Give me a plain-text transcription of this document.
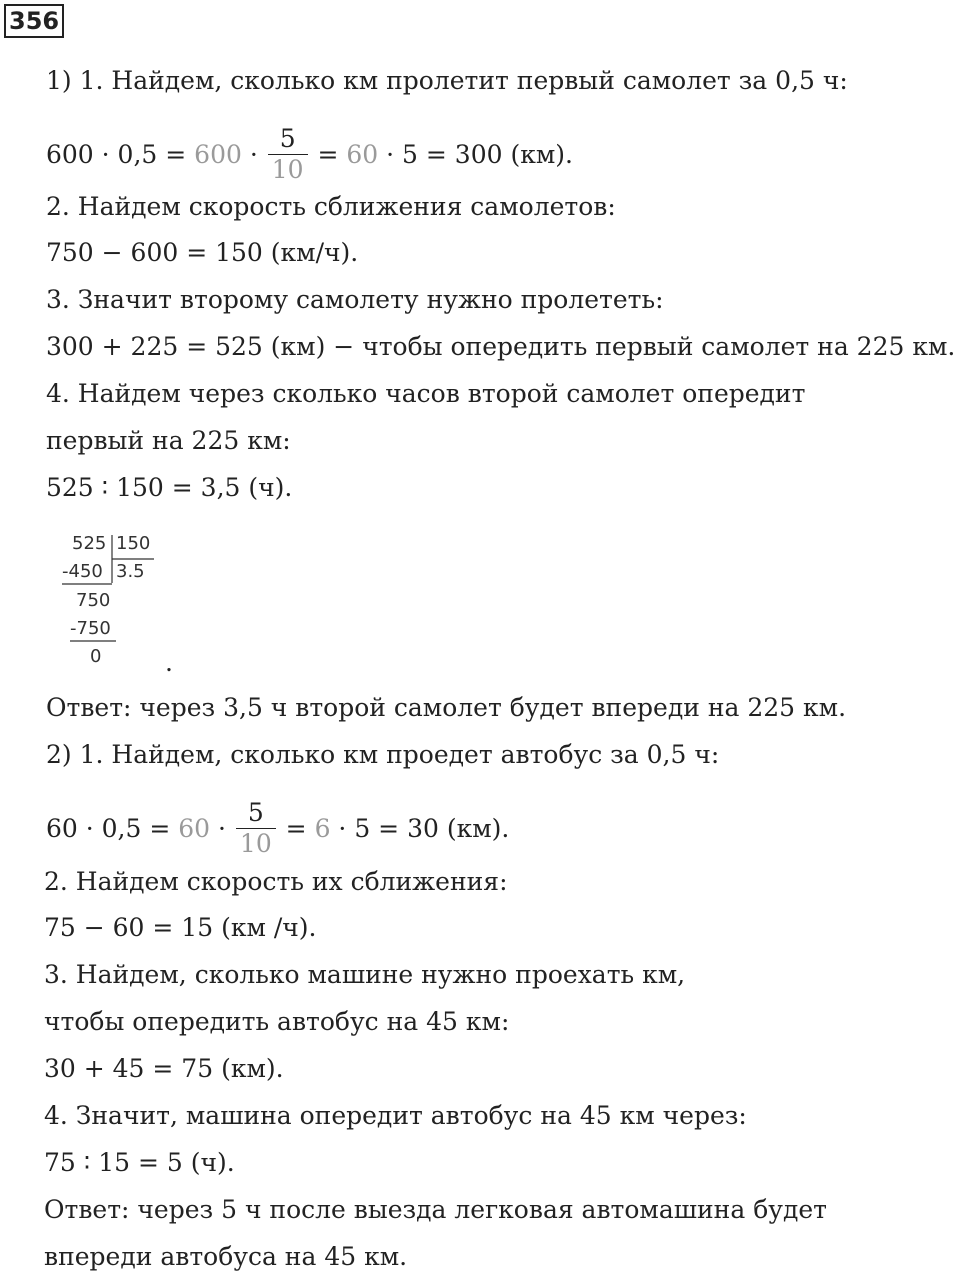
356
1) 1. Найдем, сколько км пролетит первый самолет за 0,5 ч:
$600 \cdot 0,5 = 600 \cdot \frac{5}{10} = 60 \cdot 5 = 300$ (км).
2. Найдем скорость сближения самолетов:
750 − 600 = 150 (км/ч).
3. Значит второму самолету нужно пролететь:
300 + 225 = 525 (км) − чтобы опередить первый самолет на 225 км.
4. Найдем через сколько часов второй самолет опередит
первый на 225 км:
525 ∶ 150 = 3,5 (ч).
525 150
-450 3.5
750
-750
0	.
Ответ: через 3,5 ч второй самолет будет впереди на 225 км.
2) 1. Найдем, сколько км проедет автобус за 0,5 ч:
$60 \cdot 0,5 = 60 \cdot \frac{5}{10} = 6 \cdot 5 = 30$ (км).
2. Найдем скорость их сближения:
75 − 60 = 15 (км /ч).
3. Найдем, сколько машине нужно проехать км,
чтобы опередить автобус на 45 км:
30 + 45 = 75 (км).
4. Значит, машина опередит автобус на 45 км через:
75 ∶ 15 = 5 (ч).
Ответ: через 5 ч после выезда легковая автомашина будет
впереди автобуса на 45 км.
